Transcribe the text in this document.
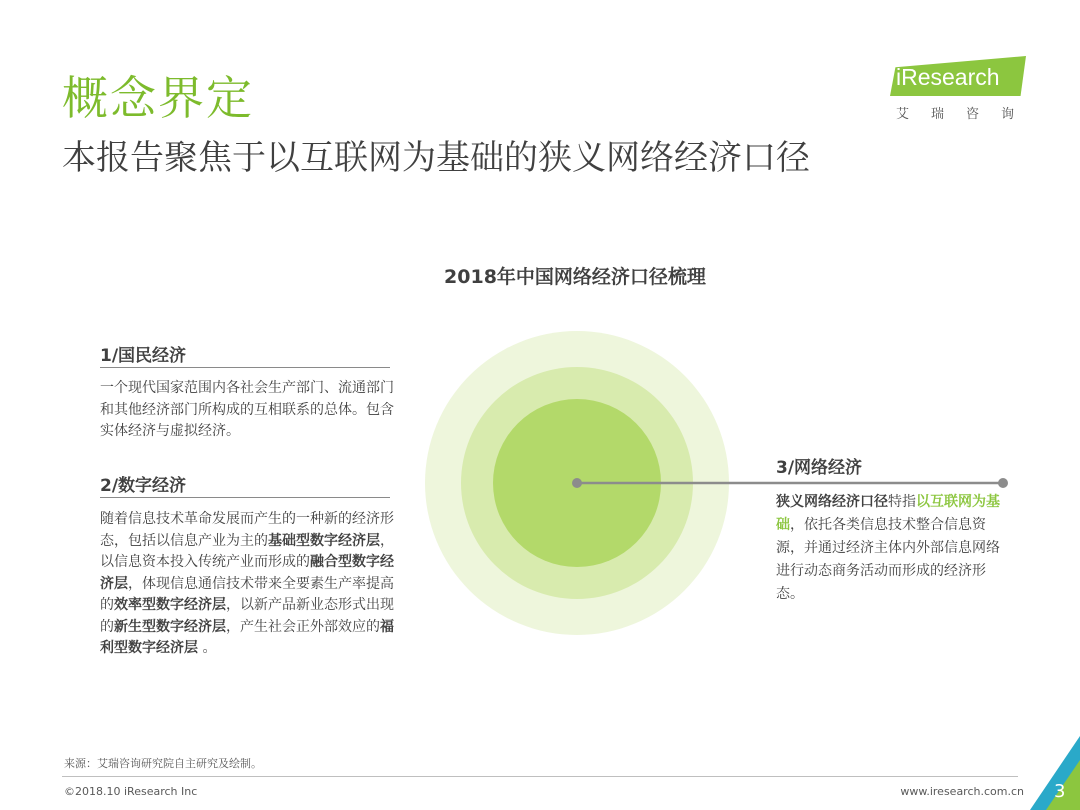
概念界定
本报告聚焦于以互联网为基础的狭义网络经济口径
iResearch
艾瑞咨询
2018年中国网络经济口径梳理
1/国民经济
一个现代国家范围内各社会生产部门、流通部门和其他经济部门所构成的互相联系的总体。包含实体经济与虚拟经济。
2/数字经济
随着信息技术革命发展而产生的一种新的经济形态，包括以信息产业为主的基础型数字经济层，以信息资本投入传统产业而形成的融合型数字经济层，体现信息通信技术带来全要素生产率提高的效率型数字经济层，以新产品新业态形式出现的新生型数字经济层，产生社会正外部效应的福利型数字经济层 。
3/网络经济
狭义网络经济口径特指以互联网为基础，依托各类信息技术整合信息资源，并通过经济主体内外部信息网络进行动态商务活动而形成的经济形态。
来源：艾瑞咨询研究院自主研究及绘制。
©2018.10 iResearch Inc	www.iresearch.com.cn 3
